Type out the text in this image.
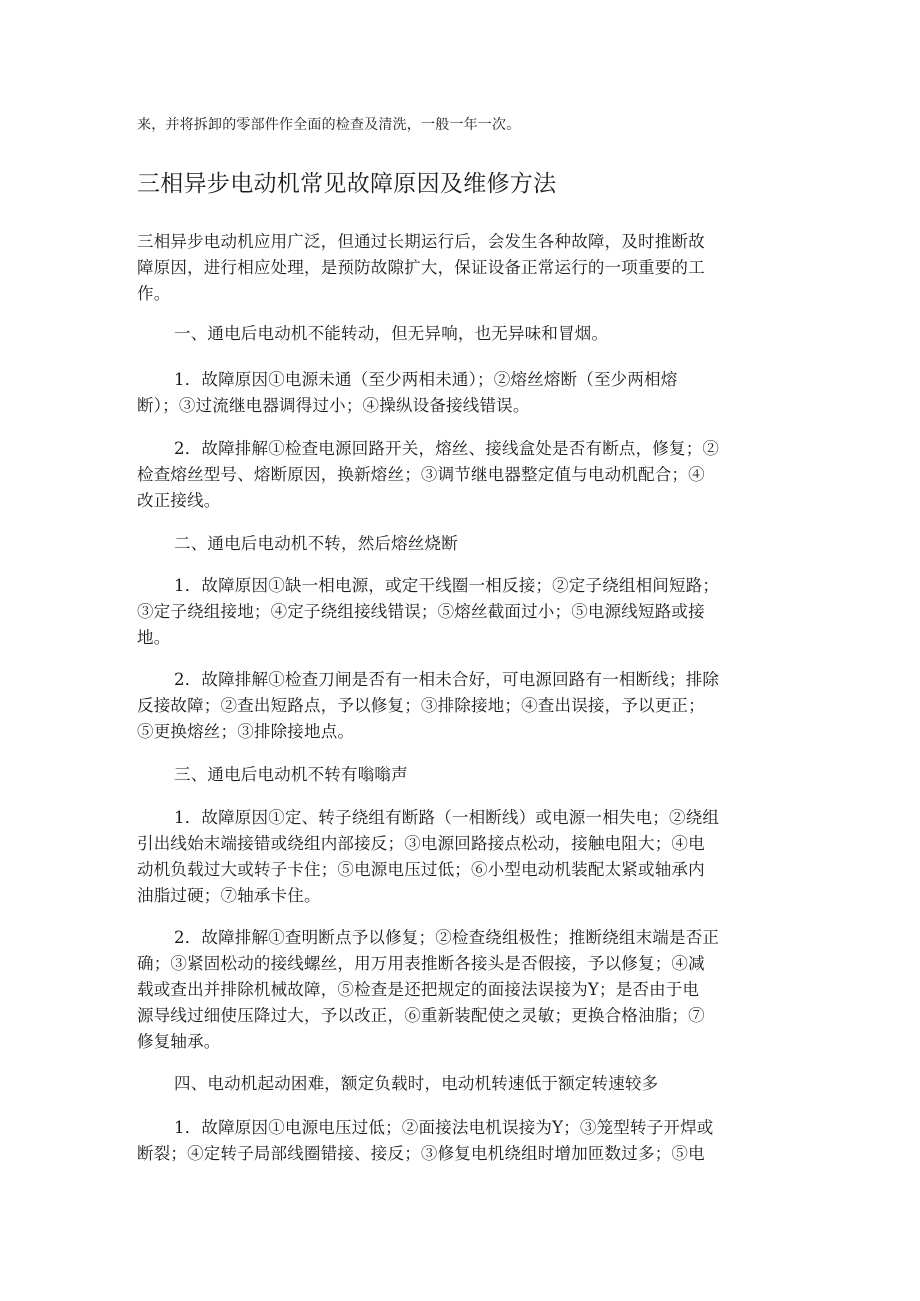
来，并将拆卸的零部件作全面的检查及清洗，一般一年一次。
三相异步电动机常见故障原因及维修方法
三相异步电动机应用广泛，但通过长期运行后，会发生各种故障，及时推断故
障原因，进行相应处理，是预防故隙扩大，保证设备正常运行的一项重要的工
作。
一、通电后电动机不能转动，但无异响，也无异味和冒烟。
1．故障原因①电源未通（至少两相未通）；②熔丝熔断（至少两相熔
断）；③过流继电器调得过小；④操纵设备接线错误。
2．故障排解①检查电源回路开关，熔丝、接线盒处是否有断点，修复；②
检查熔丝型号、熔断原因，换新熔丝；③调节继电器整定值与电动机配合；④
改正接线。
二、通电后电动机不转，然后熔丝烧断
1．故障原因①缺一相电源，或定干线圈一相反接；②定子绕组相间短路；
③定子绕组接地；④定子绕组接线错误；⑤熔丝截面过小；⑤电源线短路或接
地。
2．故障排解①检查刀闸是否有一相未合好，可电源回路有一相断线；排除
反接故障；②查出短路点，予以修复；③排除接地；④查出误接，予以更正；
⑤更换熔丝；③排除接地点。
三、通电后电动机不转有嗡嗡声
1．故障原因①定、转子绕组有断路（一相断线）或电源一相失电；②绕组
引出线始末端接错或绕组内部接反；③电源回路接点松动，接触电阻大；④电
动机负载过大或转子卡住；⑤电源电压过低；⑥小型电动机装配太紧或轴承内
油脂过硬；⑦轴承卡住。
2．故障排解①查明断点予以修复；②检查绕组极性；推断绕组末端是否正
确；③紧固松动的接线螺丝，用万用表推断各接头是否假接，予以修复；④减
载或查出并排除机械故障，⑤检查是还把规定的面接法误接为Y；是否由于电
源导线过细使压降过大，予以改正，⑥重新装配使之灵敏；更换合格油脂；⑦
修复轴承。
四、电动机起动困难，额定负载时，电动机转速低于额定转速较多
1．故障原因①电源电压过低；②面接法电机误接为Y；③笼型转子开焊或
断裂；④定转子局部线圈错接、接反；③修复电机绕组时增加匝数过多；⑤电
